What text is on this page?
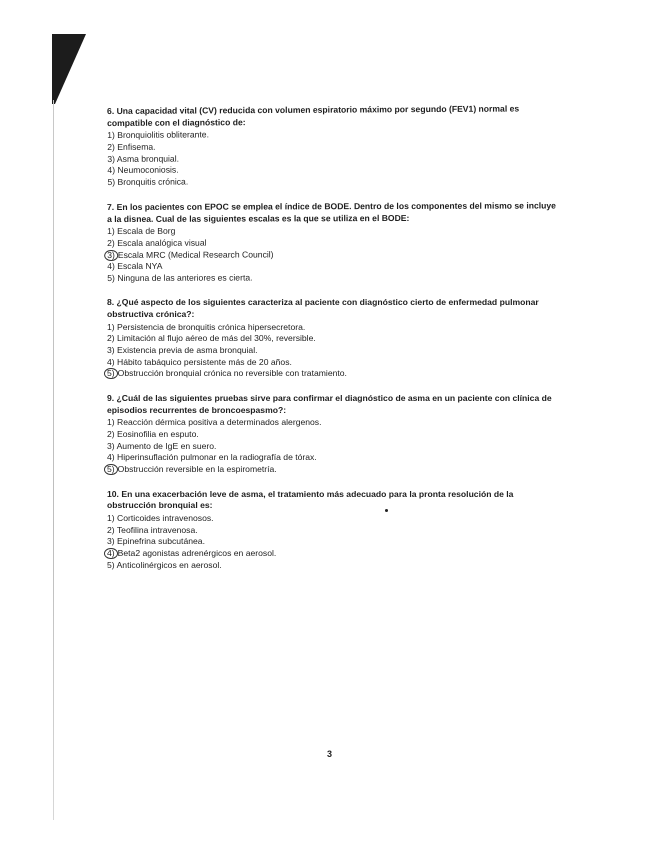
6. Una capacidad vital (CV) reducida con volumen espiratorio máximo por segundo (FEV1) normal es compatible con el diagnóstico de:

1) Bronquiolitis obliterante.
2) Enfisema.
3) Asma bronquial.
4) Neumoconiosis.
5) Bronquitis crónica.

7. En los pacientes con EPOC se emplea el índice de BODE. Dentro de los componentes del mismo se incluye a la disnea. Cual de las siguientes escalas es la que se utiliza en el BODE:

1) Escala de Borg
2) Escala analógica visual
3) Escala MRC (Medical Research Council)
4) Escala NYA
5) Ninguna de las anteriores es cierta.

8. ¿Qué aspecto de los siguientes caracteriza al paciente con diagnóstico cierto de enfermedad pulmonar obstructiva crónica?:

1) Persistencia de bronquitis crónica hipersecretora.
2) Limitación al flujo aéreo de más del 30%, reversible.
3) Existencia previa de asma bronquial.
4) Hábito tabáquico persistente más de 20 años.
5) Obstrucción bronquial crónica no reversible con tratamiento.

9. ¿Cuál de las siguientes pruebas sirve para confirmar el diagnóstico de asma en un paciente con clínica de episodios recurrentes de broncoespasmo?:

1) Reacción dérmica positiva a determinados alergenos.
2) Eosinofilia en esputo.
3) Aumento de IgE en suero.
4) Hiperinsuflación pulmonar en la radiografía de tórax.
5) Obstrucción reversible en la espirometría.

10. En una exacerbación leve de asma, el tratamiento más adecuado para la pronta resolución de la obstrucción bronquial es:

1) Corticoides intravenosos.
2) Teofilina intravenosa.
3) Epinefrina subcutánea.
4) Beta2 agonistas adrenérgicos en aerosol.
5) Anticolinérgicos en aerosol.
3
